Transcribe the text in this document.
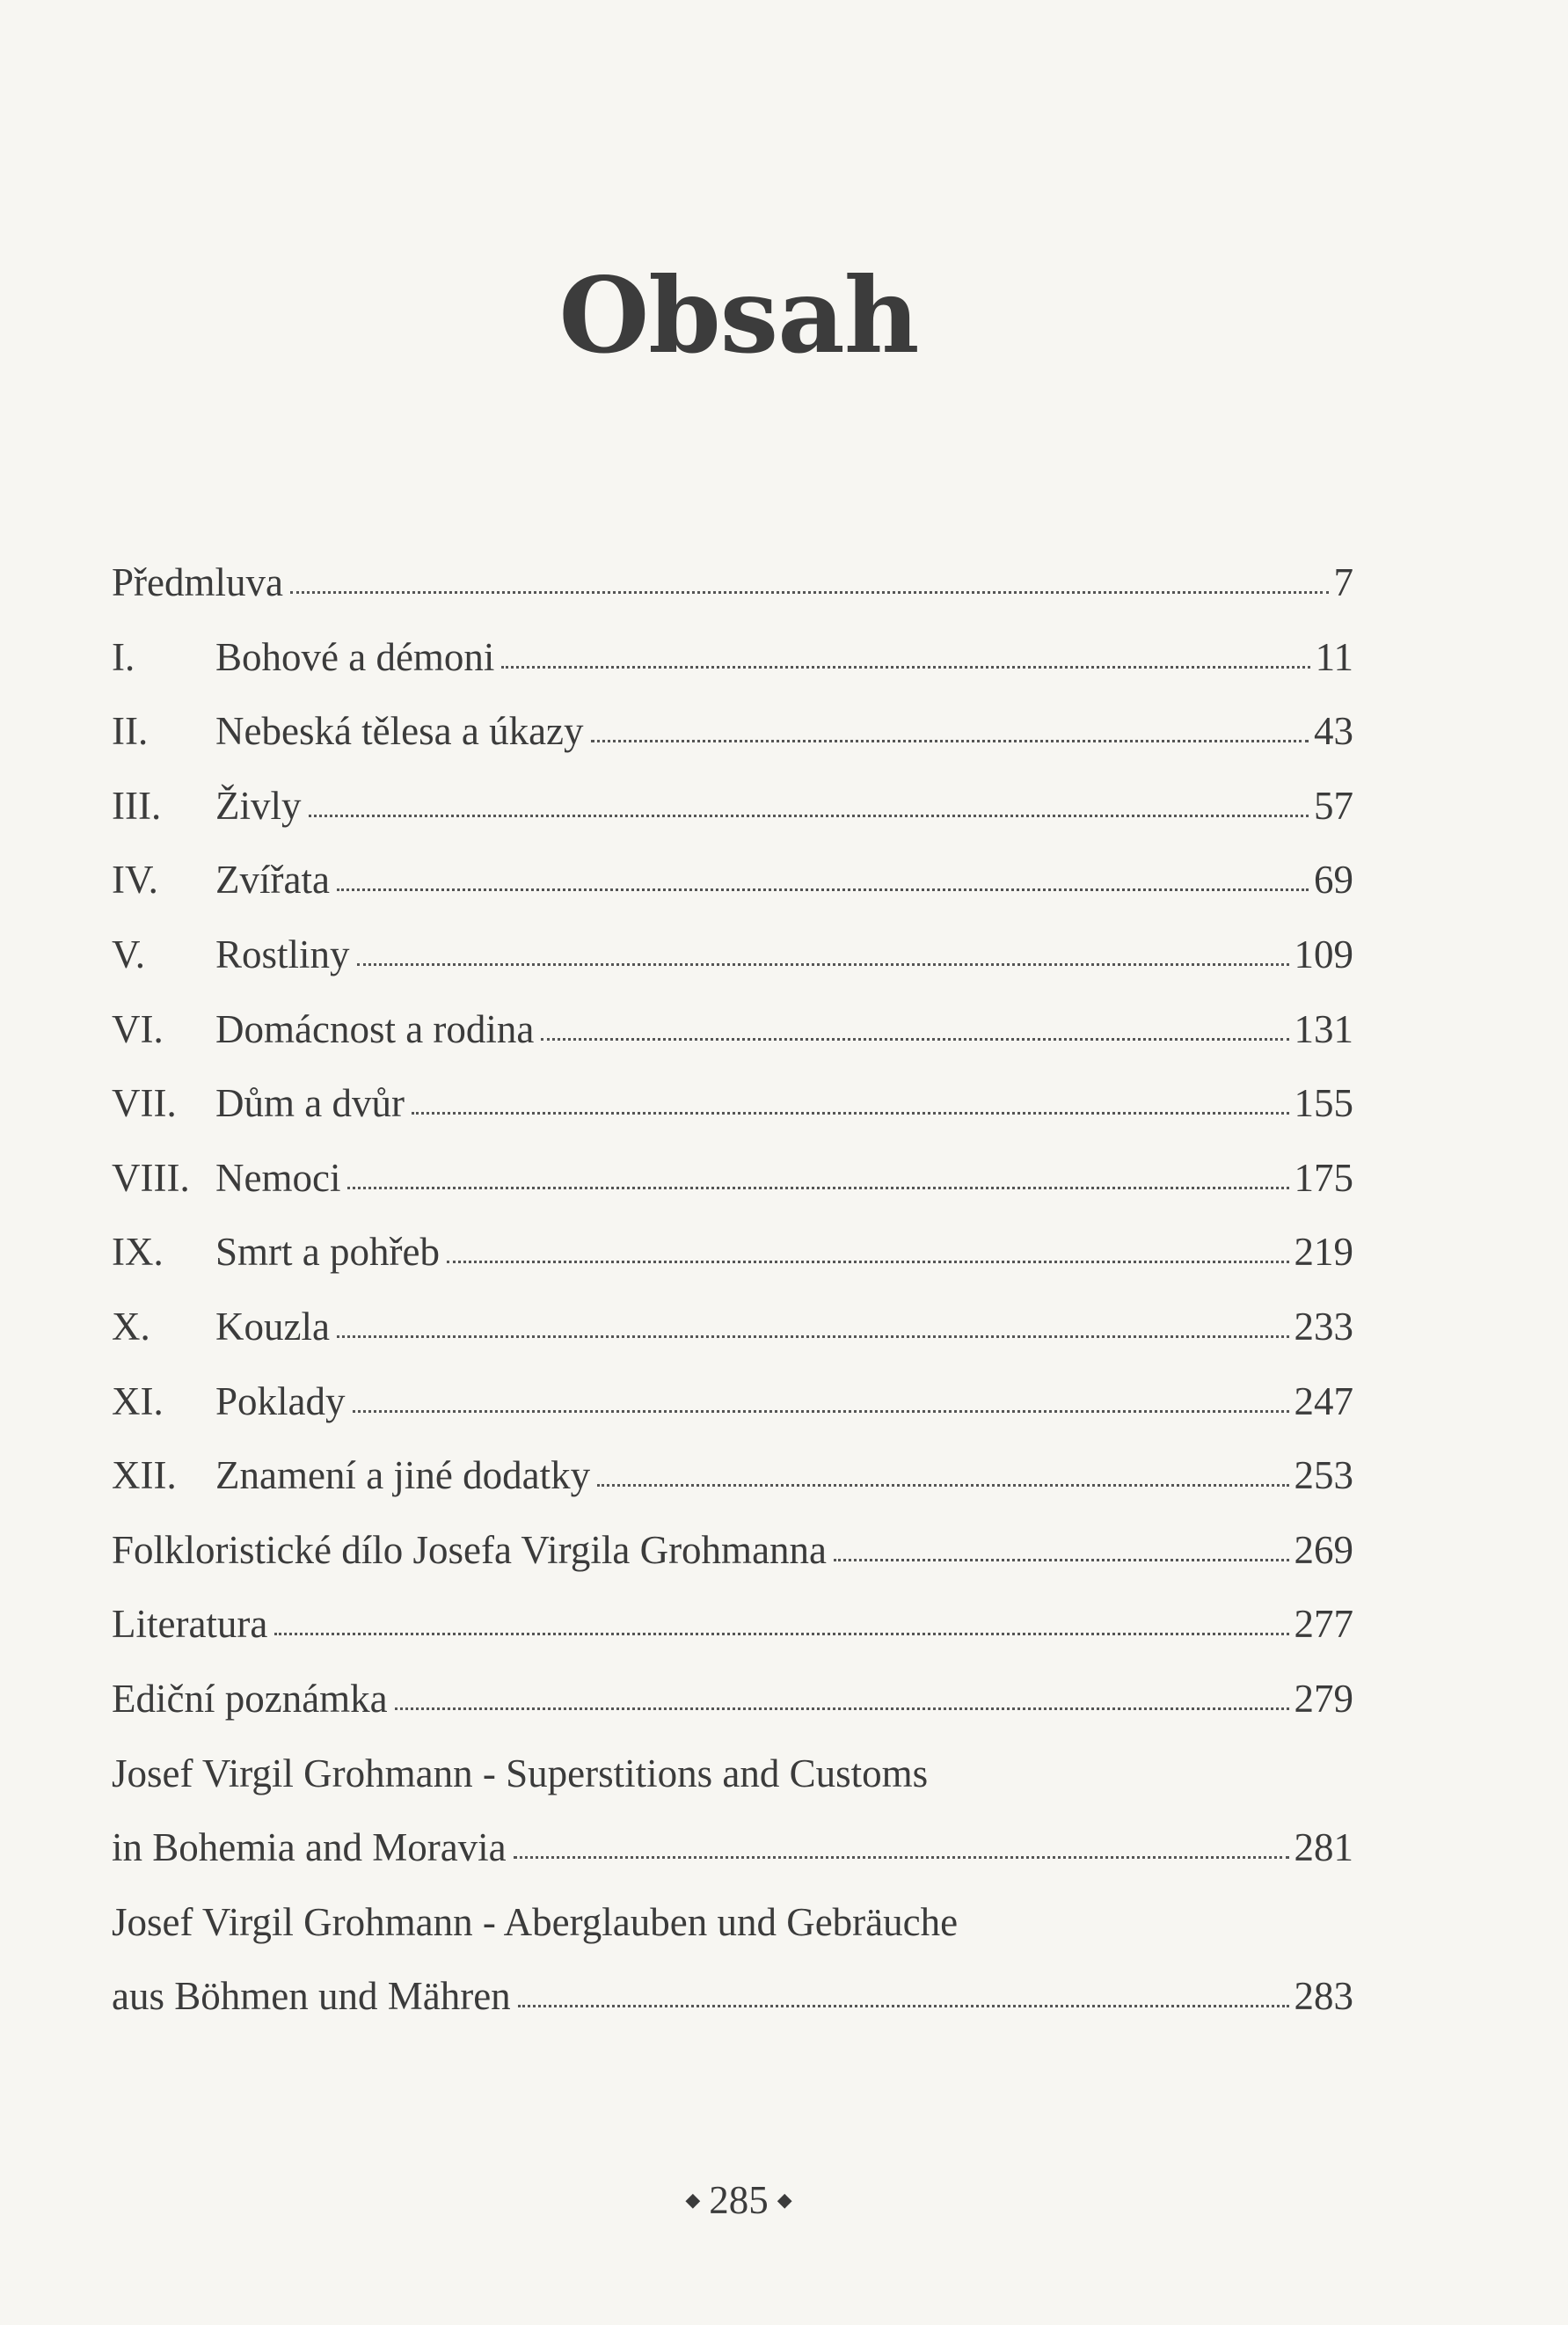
Obsah
Předmluva	7
I.	Bohové a démoni	11
II.	Nebeská tělesa a úkazy	43
III.	Živly	57
IV.	Zvířata	69
V.	Rostliny	109
VI.	Domácnost a rodina	131
VII. Dům a dvůr	155
VIII. Nemoci	175
IX.	Smrt a pohřeb	219
X.	Kouzla	233
XI.	Poklady	247
XII. Znamení a jiné dodatky	253
Folkloristické dílo Josefa Virgila Grohmanna	269
Literatura	277
Ediční poznámka	279
Josef Virgil Grohmann - Superstitions and Customs
in Bohemia and Moravia	281
Josef Virgil Grohmann - Aberglauben und Gebräuche
aus Böhmen und Mähren	283
◆ 285 ◆
